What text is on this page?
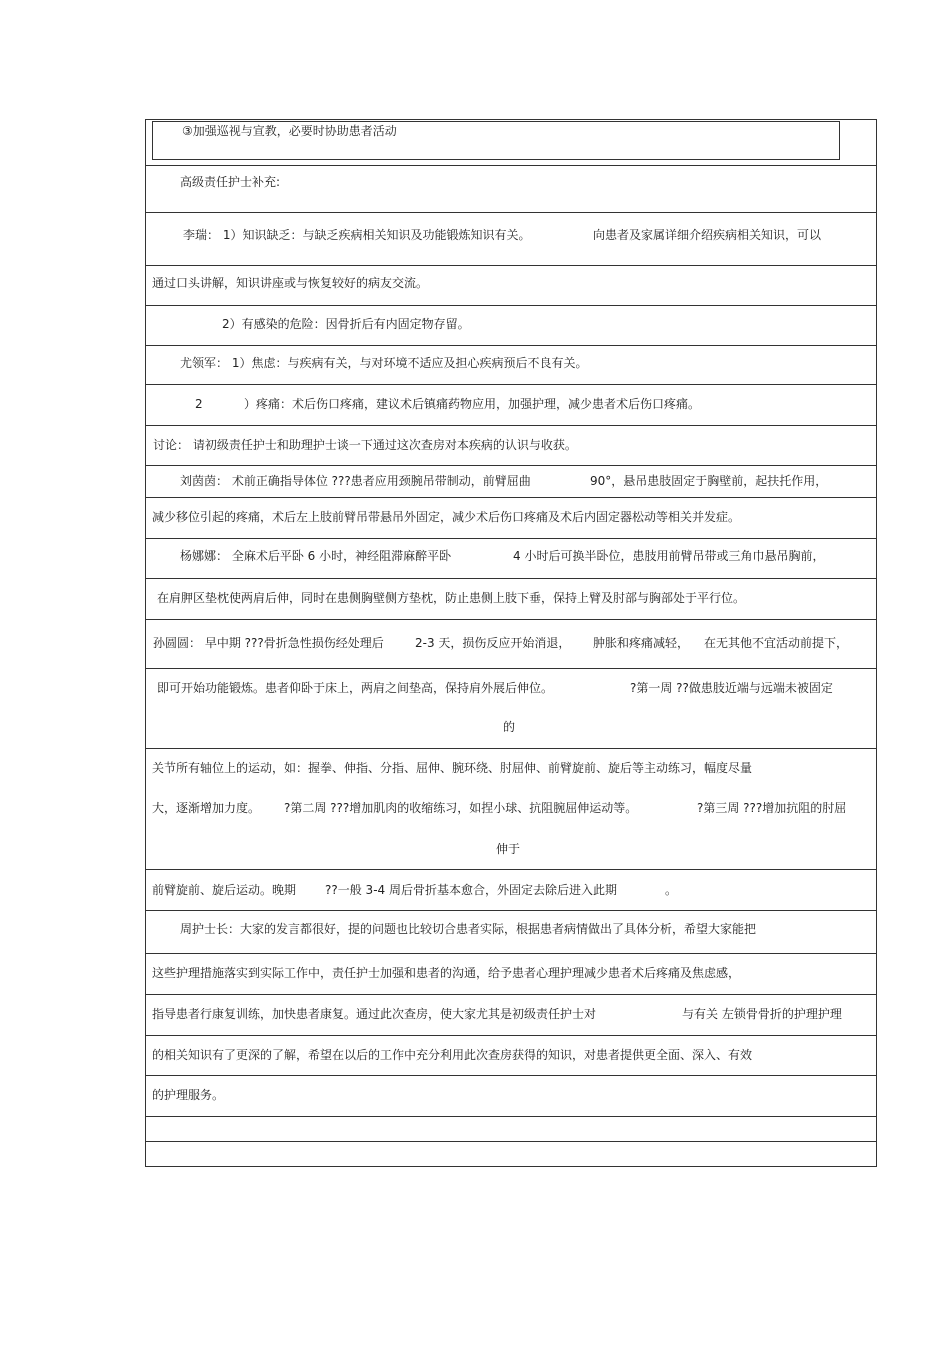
③加强巡视与宣教，必要时协助患者活动
高级责任护士补充:
李瑞： 1）知识缺乏：与缺乏疾病相关知识及功能锻炼知识有关。	向患者及家属详细介绍疾病相关知识，可以
通过口头讲解，知识讲座或与恢复较好的病友交流。
2）有感染的危险：因骨折后有内固定物存留。
尤领军： 1）焦虑：与疾病有关，与对环境不适应及担心疾病预后不良有关。
2	）疼痛：术后伤口疼痛，建议术后镇痛药物应用，加强护理，减少患者术后伤口疼痛。
讨论： 请初级责任护士和助理护士谈一下通过这次查房对本疾病的认识与收获。
刘茵茵： 术前正确指导体位 ???患者应用颈腕吊带制动，前臂屈曲	90°，悬吊患肢固定于胸壁前，起扶托作用，
减少移位引起的疼痛，术后左上肢前臂吊带悬吊外固定，减少术后伤口疼痛及术后内固定器松动等相关并发症。
杨娜娜： 全麻术后平卧 6 小时，神经阻滞麻醉平卧	4 小时后可换半卧位，患肢用前臂吊带或三角巾悬吊胸前，
在肩胛区垫枕使两肩后伸，同时在患侧胸壁侧方垫枕，防止患侧上肢下垂，保持上臂及肘部与胸部处于平行位。
孙圆圆： 早中期 ???骨折急性损伤经处理后	2-3 天，损伤反应开始消退， 肿胀和疼痛减轻， 在无其他不宜活动前提下，
即可开始功能锻炼。患者仰卧于床上，两肩之间垫高，保持肩外展后伸位。	?第一周 ??做患肢近端与远端未被固定
的
关节所有轴位上的运动，如：握拳、伸指、分指、屈伸、腕环绕、肘屈伸、前臂旋前、旋后等主动练习，幅度尽量
大，逐渐增加力度。 ?第二周 ???增加肌肉的收缩练习，如捏小球、抗阻腕屈伸运动等。	?第三周 ???增加抗阻的肘屈
伸于
前臂旋前、旋后运动。晚期 ??一般 3-4 周后骨折基本愈合，外固定去除后进入此期	。
周护士长：大家的发言都很好，提的问题也比较切合患者实际，根据患者病情做出了具体分析，希望大家能把
这些护理措施落实到实际工作中，责任护士加强和患者的沟通，给予患者心理护理减少患者术后疼痛及焦虑感，
指导患者行康复训练，加快患者康复。通过此次查房，使大家尤其是初级责任护士对	与有关 左锁骨骨折的护理护理
的相关知识有了更深的了解，希望在以后的工作中充分利用此次查房获得的知识，对患者提供更全面、深入、有效
的护理服务。
